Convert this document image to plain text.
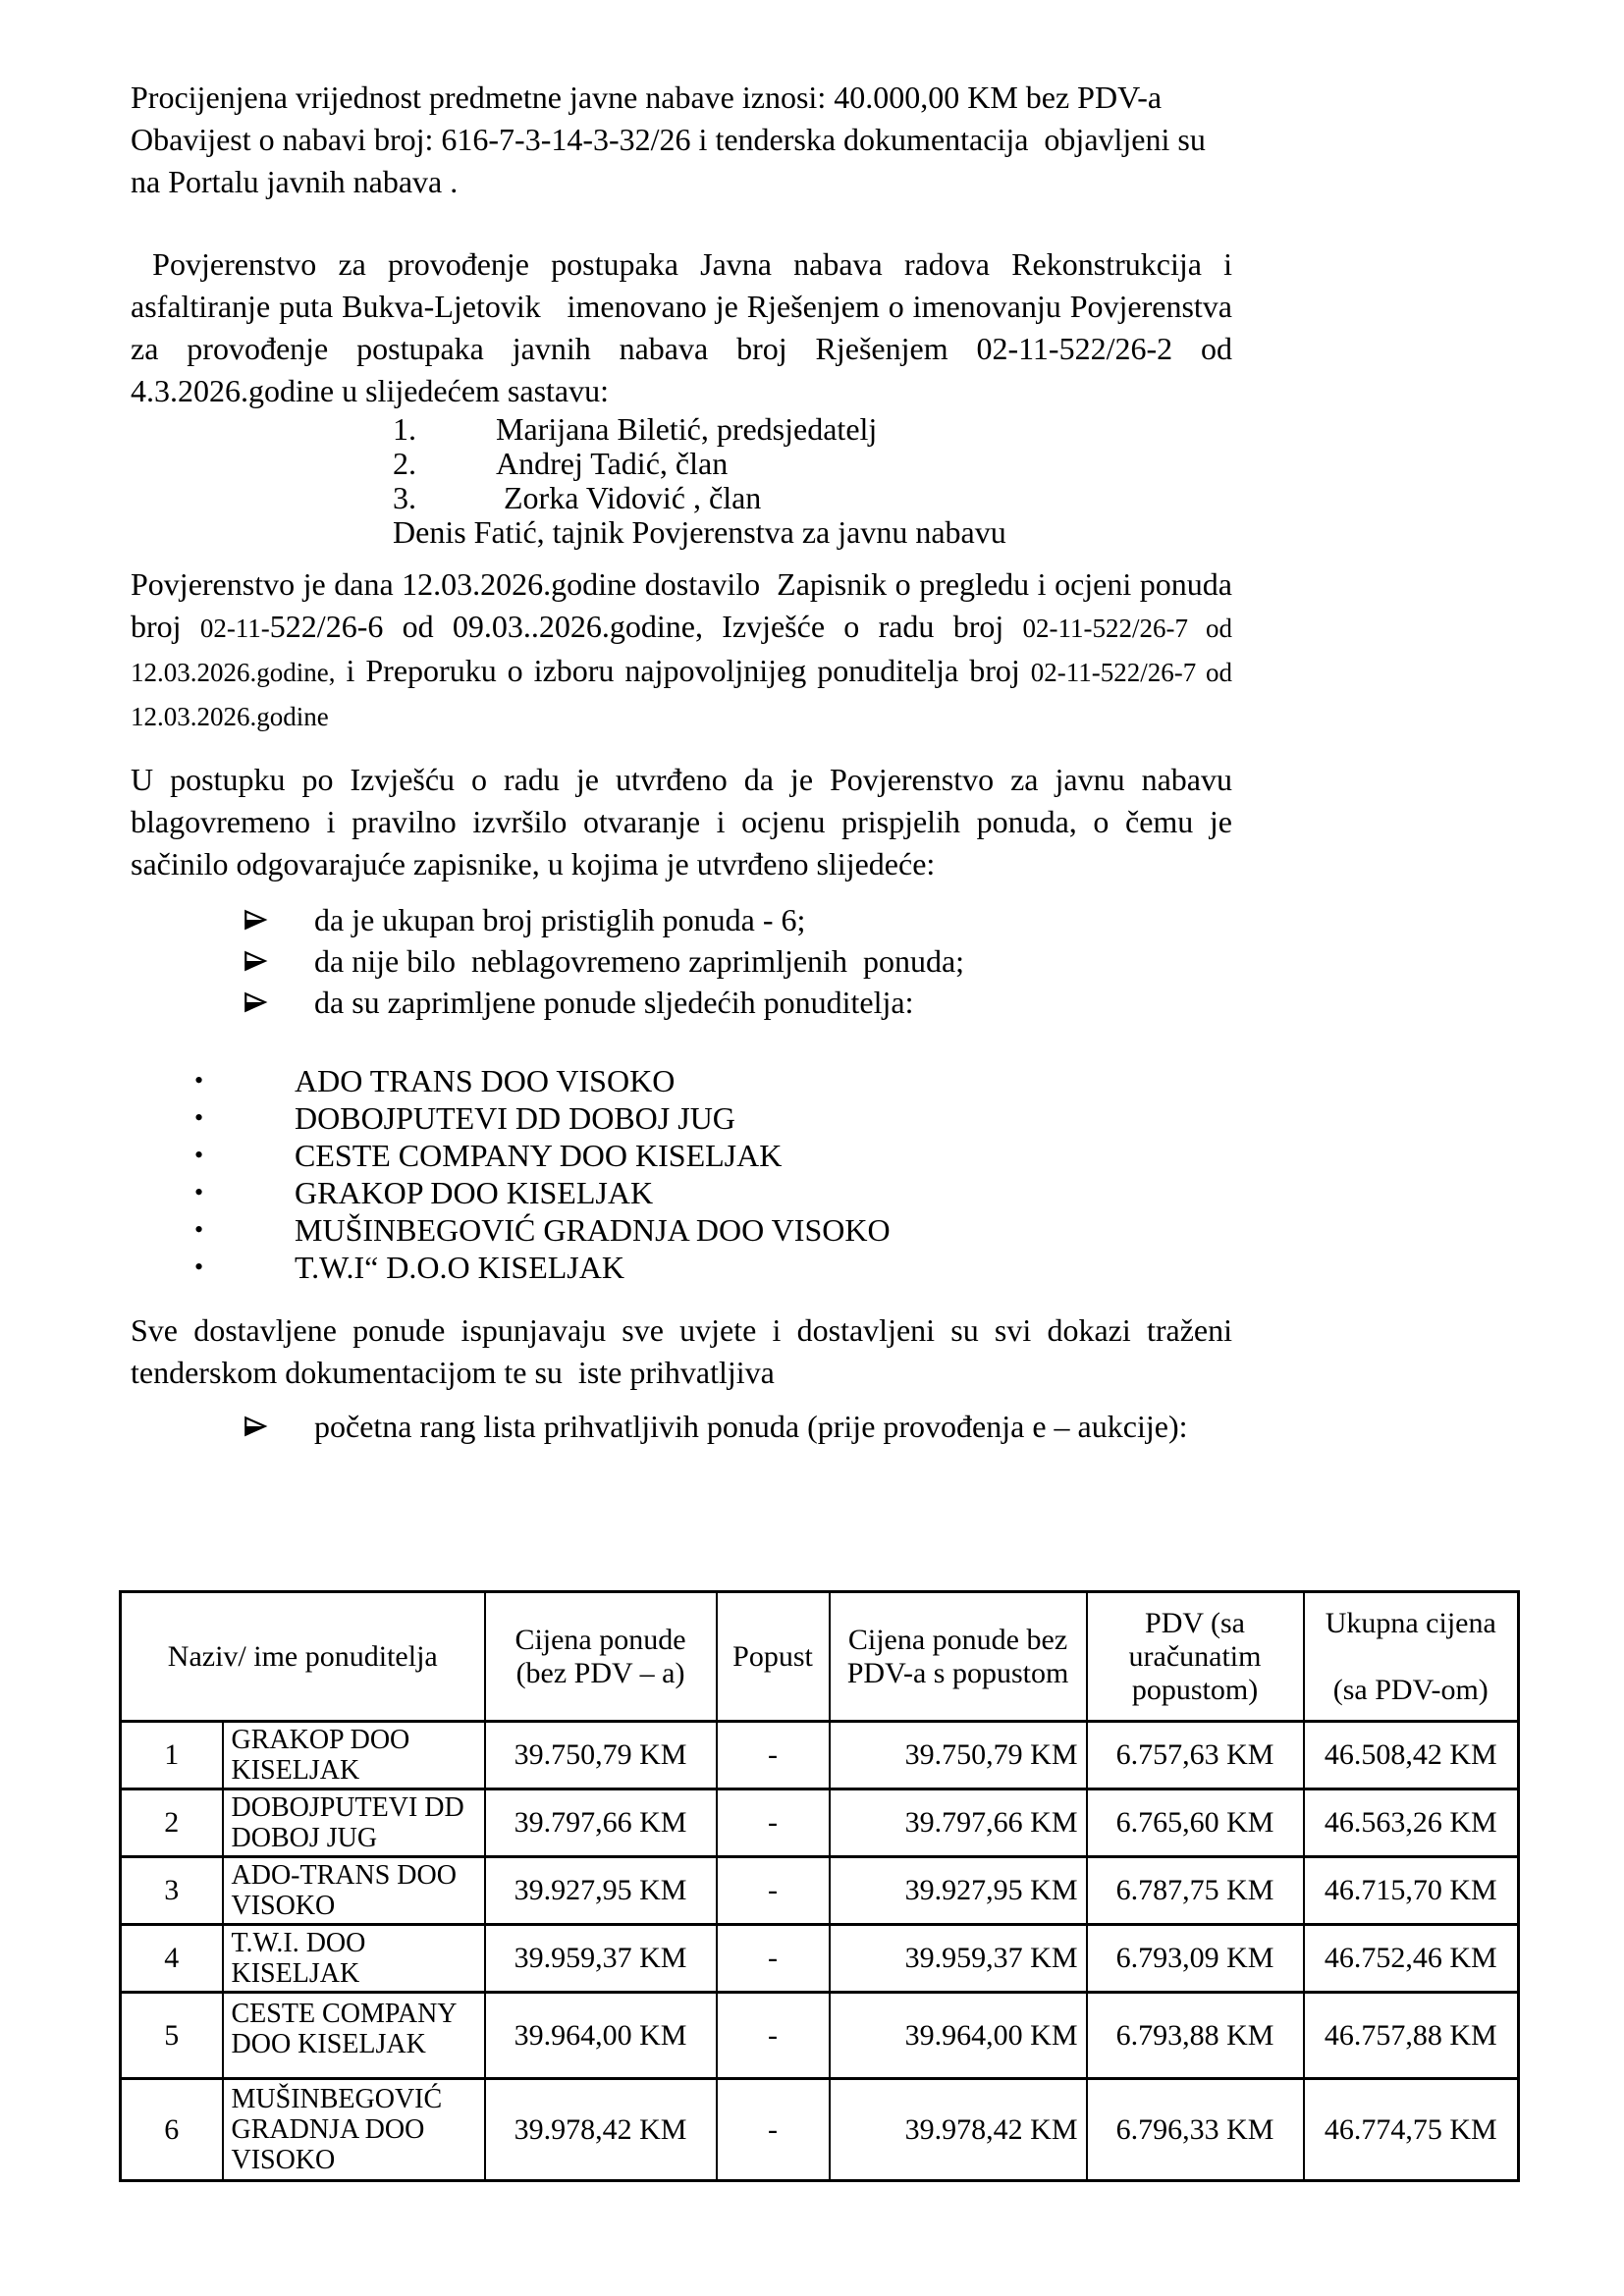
Procijenjena vrijednost predmetne javne nabave iznosi: 40.000,00 KM bez PDV-a

Obavijest o nabavi broj: 616-7-3-14-3-32/26 i tenderska dokumentacija  objavljeni su na Portalu javnih nabava .

Povjerenstvo za provođenje postupaka Javna nabava radova Rekonstrukcija i asfaltiranje puta Bukva-Ljetovik   imenovano je Rješenjem o imenovanju Povjerenstva za provođenje postupaka javnih nabava broj Rješenjem 02-11-522/26-2 od 4.3.2026.godine u slijedećem sastavu:

1.	Marijana Biletić, predsjedatelj
2.	Andrej Tadić, član
3.	Zorka Vidović , član
Denis Fatić, tajnik Povjerenstva za javnu nabavu

Povjerenstvo je dana 12.03.2026.godine dostavilo  Zapisnik o pregledu i ocjeni ponuda broj 02-11-522/26-6 od 09.03..2026.godine, Izvješće o radu broj 02-11-522/26-7 od 12.03.2026.godine, i Preporuku o izboru najpovoljnijeg ponuditelja broj 02-11-522/26-7 od 12.03.2026.godine

U postupku po Izvješću o radu je utvrđeno da je Povjerenstvo za javnu nabavu blagovremeno i pravilno izvršilo otvaranje i ocjenu prispjelih ponuda, o čemu je sačinilo odgovarajuće zapisnike, u kojima je utvrđeno slijedeće:

da je ukupan broj pristiglih ponuda - 6;
da nije bilo  neblagovremeno zaprimljenih  ponuda;
da su zaprimljene ponude sljedećih ponuditelja:
•	ADO TRANS DOO VISOKO
•	DOBOJPUTEVI DD DOBOJ JUG
•	CESTE COMPANY DOO KISELJAK
•	GRAKOP DOO KISELJAK
•	MUŠINBEGOVIĆ GRADNJA DOO VISOKO
•	T.W.I“ D.O.O KISELJAK

Sve dostavljene ponude ispunjavaju sve uvjete i dostavljeni su svi dokazi traženi tenderskom dokumentacijom te su  iste prihvatljiva

početna rang lista prihvatljivih ponuda (prije provođenja e – aukcije):
Naziv/ ime ponuditelja		Cijena ponude (bez PDV – a)	Popust	Cijena ponude bez PDV-a s popustom	PDV (sa uračunatim popustom)	Ukupna cijena
(sa PDV-om)

1	GRAKOP DOO KISELJAK	39.750,79 KM	-	39.750,79 KM	6.757,63 KM	46.508,42 KM
2	DOBOJPUTEVI DD DOBOJ JUG	39.797,66 KM	-	39.797,66 KM	6.765,60 KM	46.563,26 KM
3	ADO-TRANS DOO VISOKO	39.927,95 KM	-	39.927,95 KM	6.787,75 KM	46.715,70 KM
4	T.W.I. DOO KISELJAK	39.959,37 KM	-	39.959,37 KM	6.793,09 KM	46.752,46 KM
5	CESTE COMPANY DOO KISELJAK	39.964,00 KM	-	39.964,00 KM	6.793,88 KM	46.757,88 KM
6	MUŠINBEGOVIĆ GRADNJA DOO VISOKO	39.978,42 KM	-	39.978,42 KM	6.796,33 KM	46.774,75 KM
